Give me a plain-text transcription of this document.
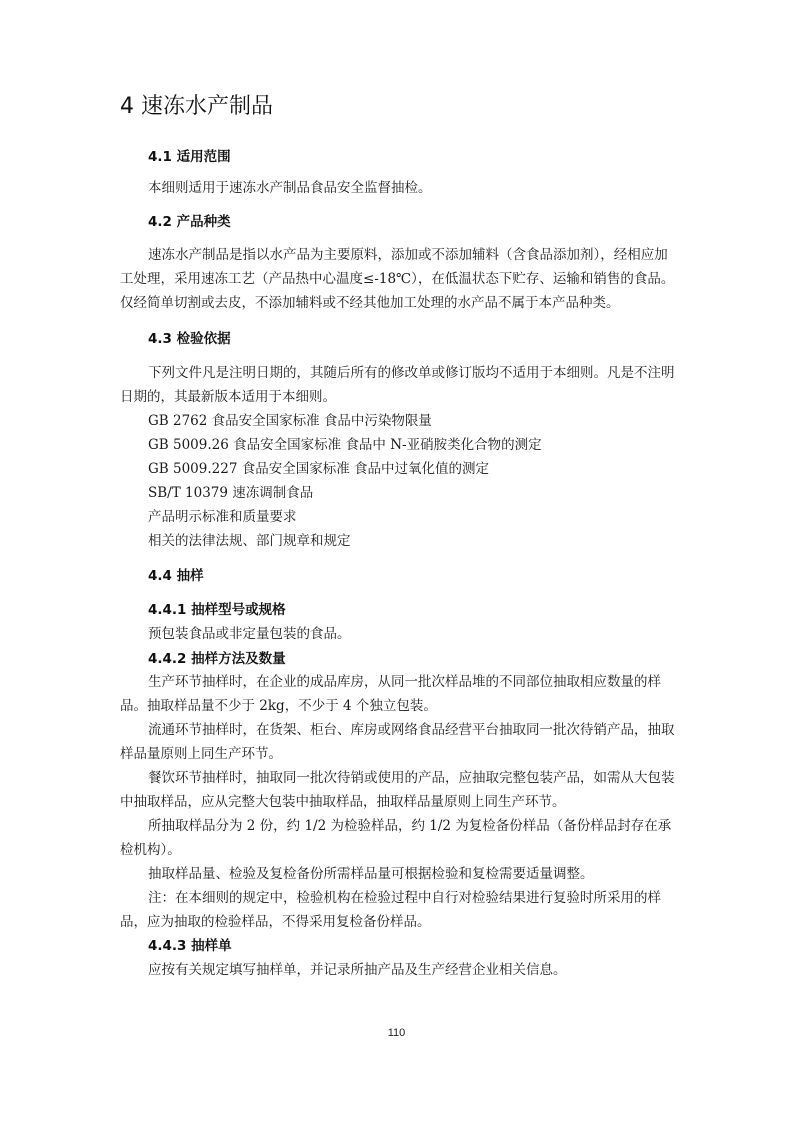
4 速冻水产制品
4.1 适用范围
本细则适用于速冻水产制品食品安全监督抽检。
4.2 产品种类
速冻水产制品是指以水产品为主要原料，添加或不添加辅料（含食品添加剂），经相应加工处理，采用速冻工艺（产品热中心温度≤-18℃），在低温状态下贮存、运输和销售的食品。仅经简单切割或去皮，不添加辅料或不经其他加工处理的水产品不属于本产品种类。
4.3 检验依据
下列文件凡是注明日期的，其随后所有的修改单或修订版均不适用于本细则。凡是不注明日期的，其最新版本适用于本细则。
GB 2762 食品安全国家标准 食品中污染物限量
GB 5009.26 食品安全国家标准 食品中 N-亚硝胺类化合物的测定
GB 5009.227 食品安全国家标准 食品中过氧化值的测定
SB/T 10379 速冻调制食品
产品明示标准和质量要求
相关的法律法规、部门规章和规定
4.4 抽样
4.4.1 抽样型号或规格
预包装食品或非定量包装的食品。
4.4.2 抽样方法及数量
生产环节抽样时，在企业的成品库房，从同一批次样品堆的不同部位抽取相应数量的样品。抽取样品量不少于 2kg，不少于 4 个独立包装。
流通环节抽样时，在货架、柜台、库房或网络食品经营平台抽取同一批次待销产品，抽取样品量原则上同生产环节。
餐饮环节抽样时，抽取同一批次待销或使用的产品，应抽取完整包装产品，如需从大包装中抽取样品，应从完整大包装中抽取样品，抽取样品量原则上同生产环节。
所抽取样品分为 2 份，约 1/2 为检验样品，约 1/2 为复检备份样品（备份样品封存在承检机构）。
抽取样品量、检验及复检备份所需样品量可根据检验和复检需要适量调整。
注：在本细则的规定中，检验机构在检验过程中自行对检验结果进行复验时所采用的样品，应为抽取的检验样品，不得采用复检备份样品。
4.4.3 抽样单
应按有关规定填写抽样单，并记录所抽产品及生产经营企业相关信息。
110
